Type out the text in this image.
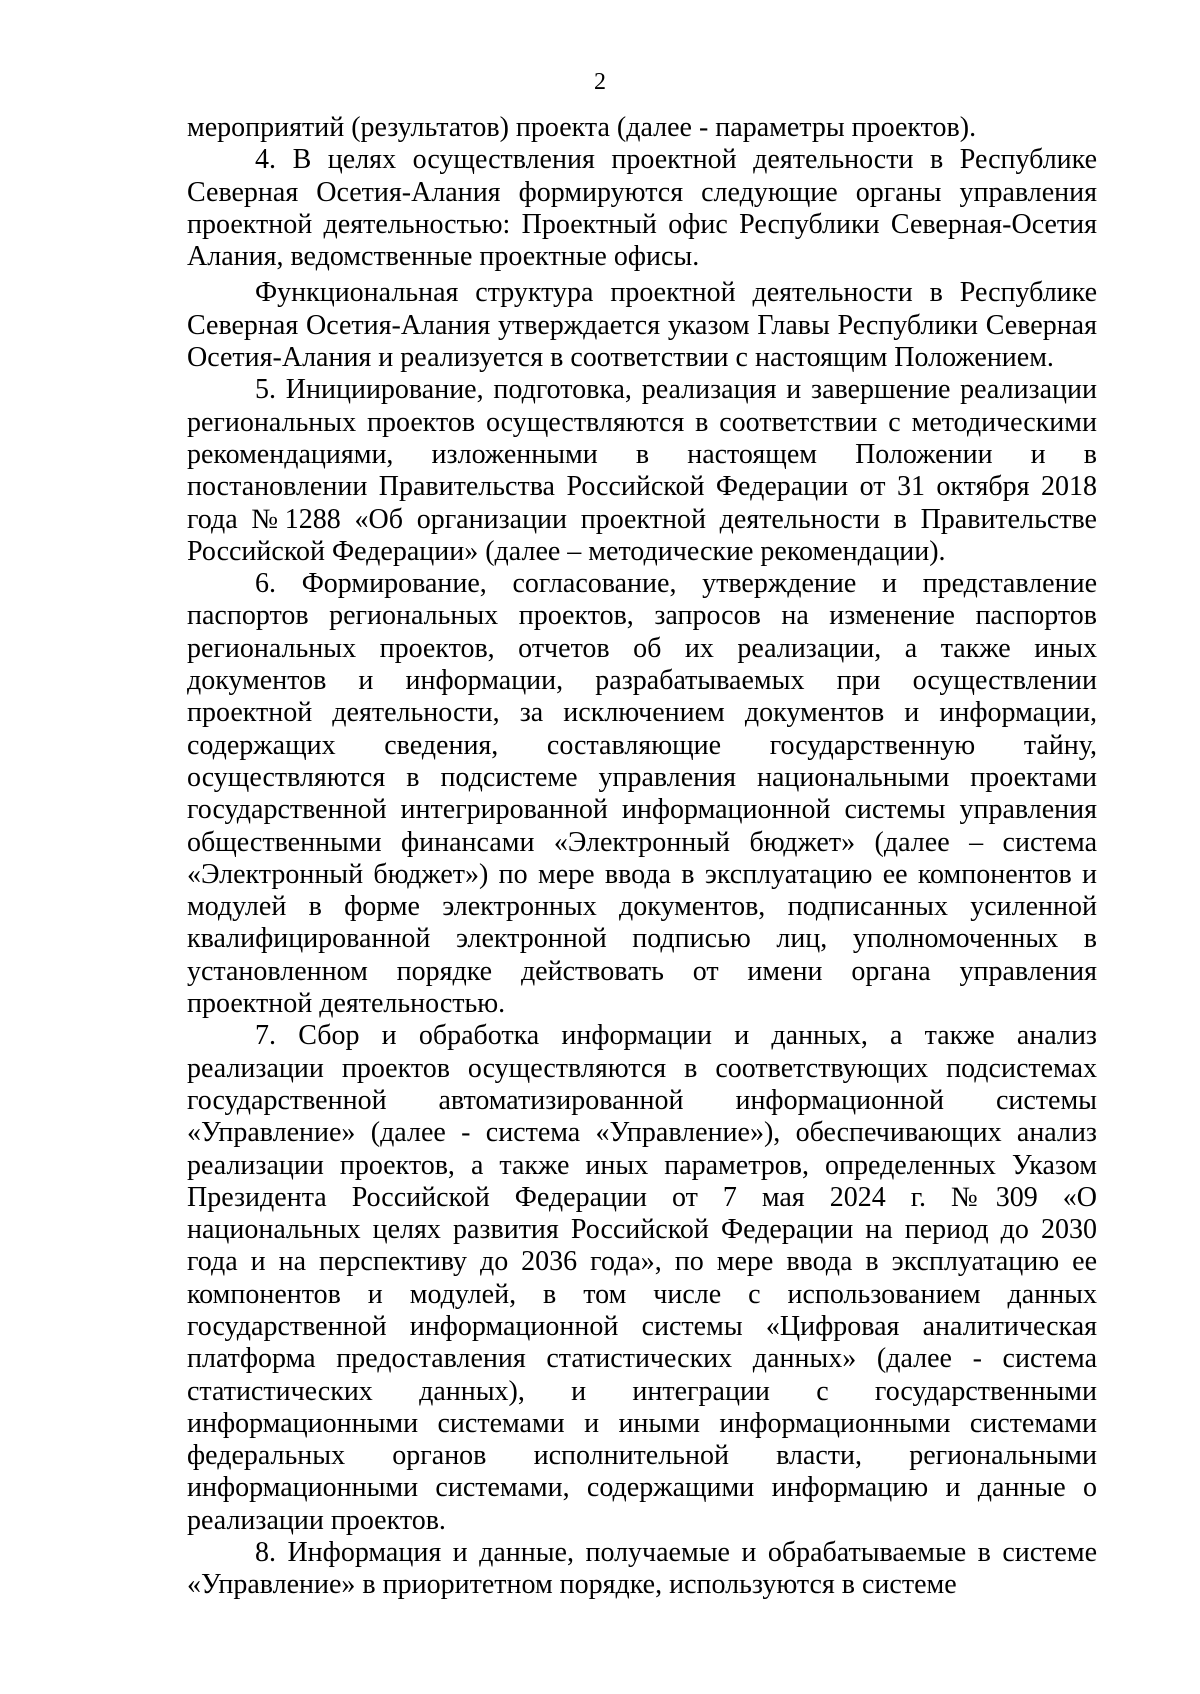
2

мероприятий (результатов) проекта (далее - параметры проектов).

4. В целях осуществления проектной деятельности в Республике Северная Осетия-Алания формируются следующие органы управления проектной деятельностью: Проектный офис Республики Северная-Осетия Алания, ведомственные проектные офисы.

Функциональная структура проектной деятельности в Республике Северная Осетия-Алания утверждается указом Главы Республики Северная Осетия-Алания и реализуется в соответствии с настоящим Положением.

5. Инициирование, подготовка, реализация и завершение реализации региональных проектов осуществляются в соответствии с методическими рекомендациями, изложенными в настоящем Положении и в постановлении Правительства Российской Федерации от 31 октября 2018 года №1288 «Об организации проектной деятельности в Правительстве Российской Федерации» (далее – методические рекомендации).

6. Формирование, согласование, утверждение и представление паспортов региональных проектов, запросов на изменение паспортов региональных проектов, отчетов об их реализации, а также иных документов и информации, разрабатываемых при осуществлении проектной деятельности, за исключением документов и информации, содержащих сведения, составляющие государственную тайну, осуществляются в подсистеме управления национальными проектами государственной интегрированной информационной системы управления общественными финансами «Электронный бюджет» (далее – система «Электронный бюджет») по мере ввода в эксплуатацию ее компонентов и модулей в форме электронных документов, подписанных усиленной квалифицированной электронной подписью лиц, уполномоченных в установленном порядке действовать от имени органа управления проектной деятельностью.

7. Сбор и обработка информации и данных, а также анализ реализации проектов осуществляются в соответствующих подсистемах государственной автоматизированной информационной системы «Управление» (далее - система «Управление»), обеспечивающих анализ реализации проектов, а также иных параметров, определенных Указом Президента Российской Федерации от 7 мая 2024 г. №309 «О национальных целях развития Российской Федерации на период до 2030 года и на перспективу до 2036 года», по мере ввода в эксплуатацию ее компонентов и модулей, в том числе с использованием данных государственной информационной системы «Цифровая аналитическая платформа предоставления статистических данных» (далее - система статистических данных), и интеграции с государственными информационными системами и иными информационными системами федеральных органов исполнительной власти, региональными информационными системами, содержащими информацию и данные о реализации проектов.

8. Информация и данные, получаемые и обрабатываемые в системе «Управление» в приоритетном порядке, используются в системе
